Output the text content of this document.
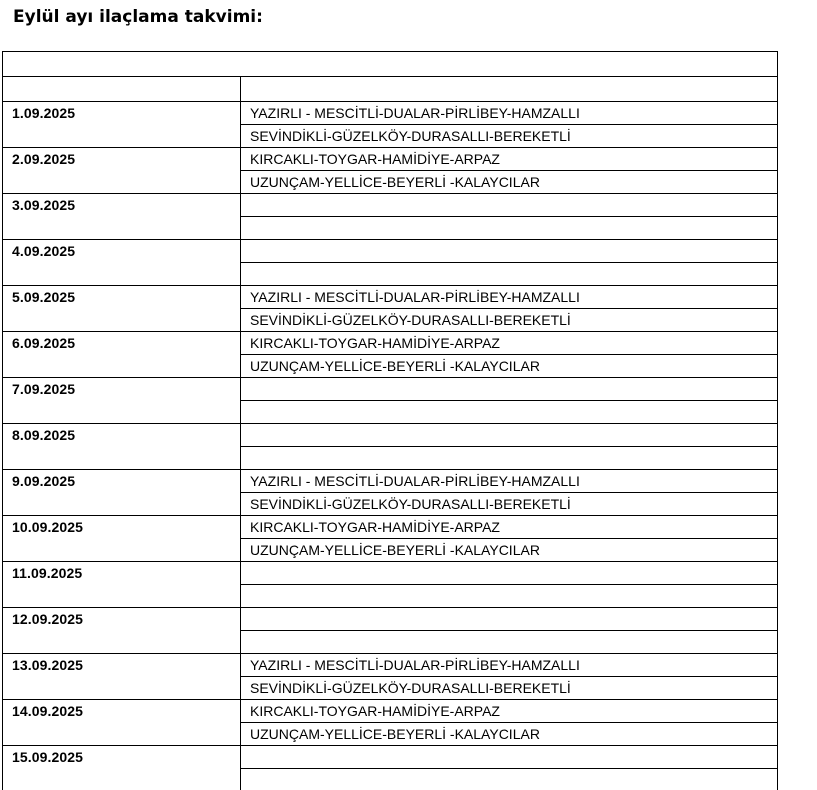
Eylül ayı ilaçlama takvimi:

1.09.2025	YAZIRLI - MESCİTLİ-DUALAR-PİRLİBEY-HAMZALLI
	SEVİNDİKLİ-GÜZELKÖY-DURASALLI-BEREKETLİ
2.09.2025	KIRCAKLI-TOYGAR-HAMİDİYE-ARPAZ
	UZUNÇAM-YELLİCE-BEYERLİ -KALAYCILAR
3.09.2025	

4.09.2025	

5.09.2025	YAZIRLI - MESCİTLİ-DUALAR-PİRLİBEY-HAMZALLI
	SEVİNDİKLİ-GÜZELKÖY-DURASALLI-BEREKETLİ
6.09.2025	KIRCAKLI-TOYGAR-HAMİDİYE-ARPAZ
	UZUNÇAM-YELLİCE-BEYERLİ -KALAYCILAR
7.09.2025	

8.09.2025	

9.09.2025	YAZIRLI - MESCİTLİ-DUALAR-PİRLİBEY-HAMZALLI
	SEVİNDİKLİ-GÜZELKÖY-DURASALLI-BEREKETLİ
10.09.2025	KIRCAKLI-TOYGAR-HAMİDİYE-ARPAZ
	UZUNÇAM-YELLİCE-BEYERLİ -KALAYCILAR
11.09.2025	

12.09.2025	

13.09.2025	YAZIRLI - MESCİTLİ-DUALAR-PİRLİBEY-HAMZALLI
	SEVİNDİKLİ-GÜZELKÖY-DURASALLI-BEREKETLİ
14.09.2025	KIRCAKLI-TOYGAR-HAMİDİYE-ARPAZ
	UZUNÇAM-YELLİCE-BEYERLİ -KALAYCILAR
15.09.2025	
